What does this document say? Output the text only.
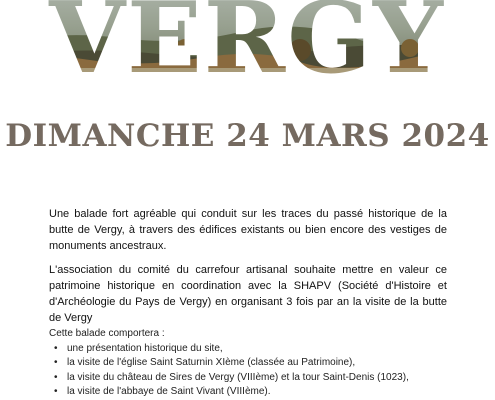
DIMANCHE 24 MARS 2024

Une balade fort agréable qui conduit sur les traces du passé historique de la butte de Vergy, à travers des édifices existants ou bien encore des vestiges de monuments ancestraux.

L'association du comité du carrefour artisanal souhaite mettre en valeur ce patrimoine historique en coordination avec la SHAPV (Société d'Histoire et d'Archéologie du Pays de Vergy) en organisant 3 fois par an la visite de la butte de Vergy

Cette balade comportera :
• une présentation historique du site,
• la visite de l'église Saint Saturnin XIème (classée au Patrimoine),
• la visite du château de Sires de Vergy (VIIIème) et la tour Saint-Denis (1023),
• la visite de l'abbaye de Saint Vivant (VIIIème).
